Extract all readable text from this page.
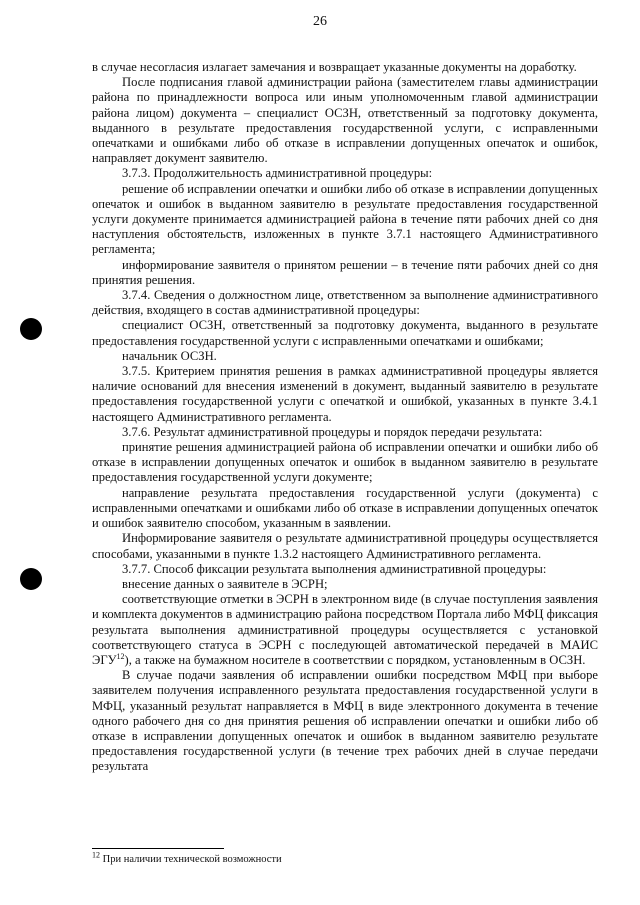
26

в случае несогласия излагает замечания и возвращает указанные документы на доработку.

После подписания главой администрации района (заместителем главы администрации района по принадлежности вопроса или иным уполномоченным главой администрации района лицом) документа – специалист ОСЗН, ответственный за подготовку документа, выданного в результате предоставления государственной услуги, с исправленными опечатками и ошибками либо об отказе в исправлении допущенных опечаток и ошибок, направляет документ заявителю.

3.7.3. Продолжительность административной процедуры:

решение об исправлении опечатки и ошибки либо об отказе в исправлении допущенных опечаток и ошибок в выданном заявителю в результате предоставления государственной услуги документе принимается администрацией района в течение пяти рабочих дней со дня наступления обстоятельств, изложенных в пункте 3.7.1 настоящего Административного регламента;

информирование заявителя о принятом решении – в течение пяти рабочих дней со дня принятия решения.

3.7.4. Сведения о должностном лице, ответственном за выполнение административного действия, входящего в состав административной процедуры:

специалист ОСЗН, ответственный за подготовку документа, выданного в результате предоставления государственной услуги с исправленными опечатками и ошибками;

начальник ОСЗН.

3.7.5. Критерием принятия решения в рамках административной процедуры является наличие оснований для внесения изменений в документ, выданный заявителю в результате предоставления государственной услуги с опечаткой и ошибкой, указанных в пункте 3.4.1 настоящего Административного регламента.

3.7.6. Результат административной процедуры и порядок передачи результата:

принятие решения администрацией района об исправлении опечатки и ошибки либо об отказе в исправлении допущенных опечаток и ошибок в выданном заявителю в результате предоставления государственной услуги документе;

направление результата предоставления государственной услуги (документа) с исправленными опечатками и ошибками либо об отказе в исправлении допущенных опечаток и ошибок заявителю способом, указанным в заявлении.

Информирование заявителя о результате административной процедуры осуществляется способами, указанными в пункте 1.3.2 настоящего Административного регламента.

3.7.7. Способ фиксации результата выполнения административной процедуры:

внесение данных о заявителе в ЭСРН;

соответствующие отметки в ЭСРН в электронном виде (в случае поступления заявления и комплекта документов в администрацию района посредством Портала либо МФЦ фиксация результата выполнения административной процедуры осуществляется с установкой соответствующего статуса в ЭСРН с последующей автоматической передачей в МАИС ЭГУ$^{12}$), а также на бумажном носителе в соответствии с порядком, установленным в ОСЗН.

В случае подачи заявления об исправлении ошибки посредством МФЦ при выборе заявителем получения исправленного результата предоставления государственной услуги в МФЦ, указанный результат направляется в МФЦ в виде электронного документа в течение одного рабочего дня со дня принятия решения об исправлении опечатки и ошибки либо об отказе в исправлении допущенных опечаток и ошибок в выданном заявителю результате предоставления государственной услуги (в течение трех рабочих дней в случае передачи результата

$^{12}$ При наличии технической возможности
